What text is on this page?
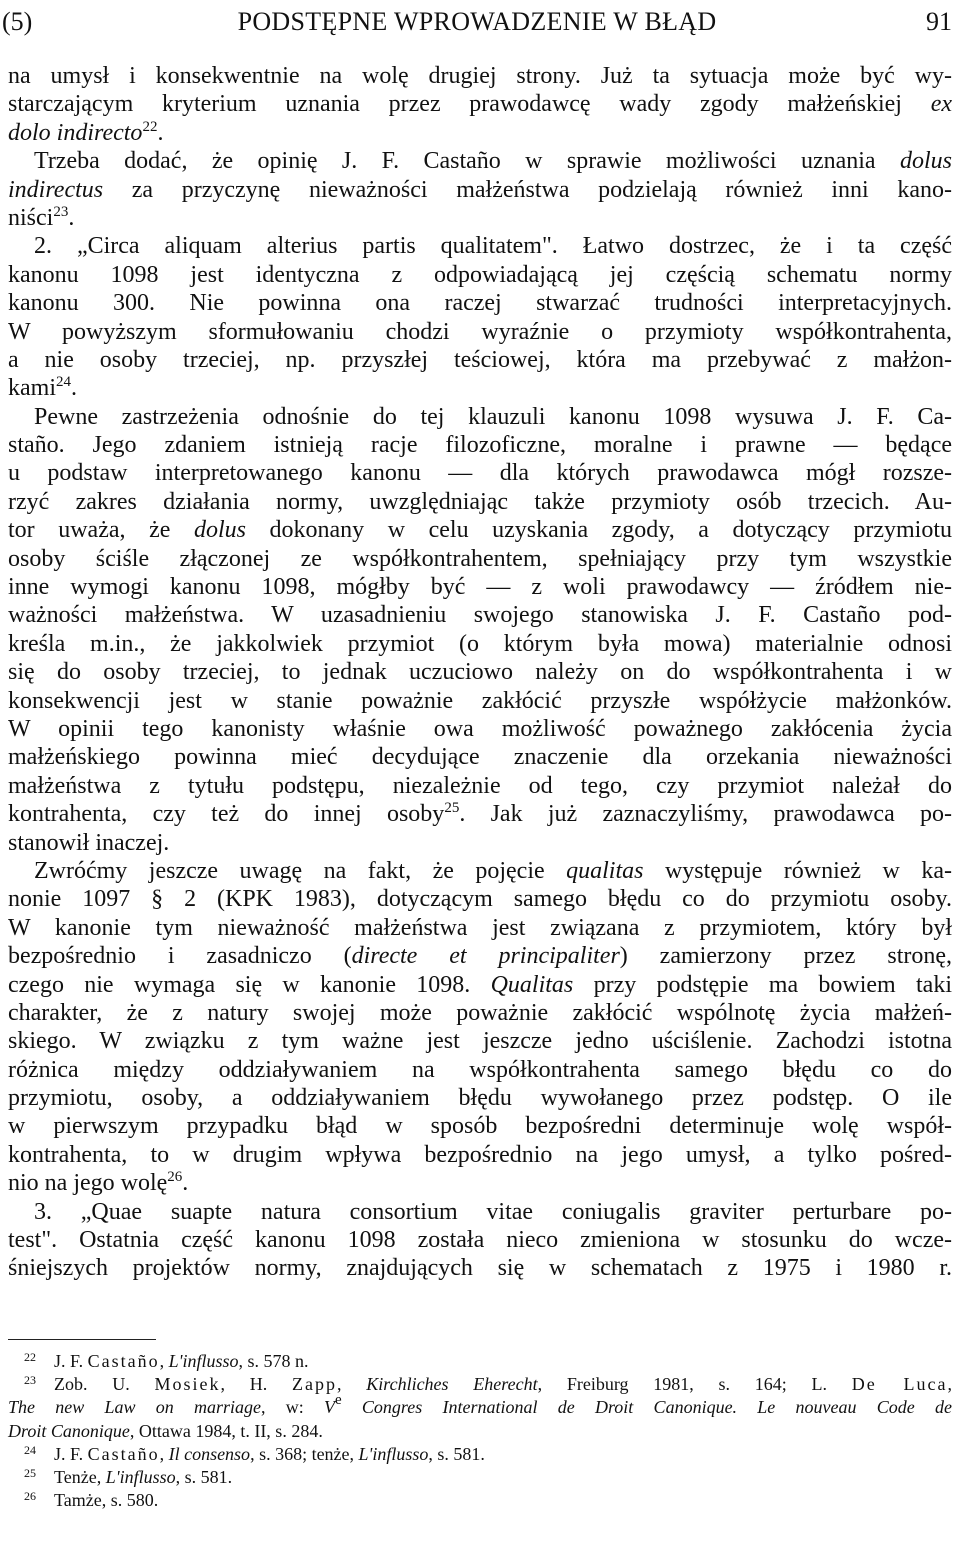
(5)	PODSTĘPNE WPROWADZENIE W BŁĄD	91
na umysł i konsekwentnie na wolę drugiej strony. Już ta sytuacja może być wy-
starczającym kryterium uznania przez prawodawcę wady zgody małżeńskiej ex
dolo indirecto$^{22}$.
Trzeba dodać, że opinię J. F. Castaño w sprawie możliwości uznania dolus
indirectus za przyczynę nieważności małżeństwa podzielają również inni kano-
niści$^{23}$.
2. „Circa aliquam alterius partis qualitatem". Łatwo dostrzec, że i ta część
kanonu 1098 jest identyczna z odpowiadającą jej częścią schematu normy
kanonu 300. Nie powinna ona raczej stwarzać trudności interpretacyjnych.
W powyższym sformułowaniu chodzi wyraźnie o przymioty współkontrahenta,
a nie osoby trzeciej, np. przyszłej teściowej, która ma przebywać z małżon-
kami$^{24}$.
Pewne zastrzeżenia odnośnie do tej klauzuli kanonu 1098 wysuwa J. F. Ca-
staño. Jego zdaniem istnieją racje filozoficzne, moralne i prawne — będące
u podstaw interpretowanego kanonu — dla których prawodawca mógł rozsze-
rzyć zakres działania normy, uwzględniając także przymioty osób trzecich. Au-
tor uważa, że dolus dokonany w celu uzyskania zgody, a dotyczący przymiotu
osoby ściśle złączonej ze współkontrahentem, spełniający przy tym wszystkie
inne wymogi kanonu 1098, mógłby być — z woli prawodawcy — źródłem nie-
ważności małżeństwa. W uzasadnieniu swojego stanowiska J. F. Castaño pod-
kreśla m.in., że jakkolwiek przymiot (o którym była mowa) materialnie odnosi
się do osoby trzeciej, to jednak uczuciowo należy on do współkontrahenta i w
konsekwencji jest w stanie poważnie zakłócić przyszłe współżycie małżonków.
W opinii tego kanonisty właśnie owa możliwość poważnego zakłócenia życia
małżeńskiego powinna mieć decydujące znaczenie dla orzekania nieważności
małżeństwa z tytułu podstępu, niezależnie od tego, czy przymiot należał do
kontrahenta, czy też do innej osoby$^{25}$. Jak już zaznaczyliśmy, prawodawca po-
stanowił inaczej.
Zwróćmy jeszcze uwagę na fakt, że pojęcie qualitas występuje również w ka-
nonie 1097 § 2 (KPK 1983), dotyczącym samego błędu co do przymiotu osoby.
W kanonie tym nieważność małżeństwa jest związana z przymiotem, który był
bezpośrednio i zasadniczo (directe et principaliter) zamierzony przez stronę,
czego nie wymaga się w kanonie 1098. Qualitas przy podstępie ma bowiem taki
charakter, że z natury swojej może poważnie zakłócić wspólnotę życia małżeń-
skiego. W związku z tym ważne jest jeszcze jedno uściślenie. Zachodzi istotna
różnica między oddziaływaniem na współkontrahenta samego błędu co do
przymiotu, osoby, a oddziaływaniem błędu wywołanego przez podstęp. O ile
w pierwszym przypadku błąd w sposób bezpośredni determinuje wolę współ-
kontrahenta, to w drugim wpływa bezpośrednio na jego umysł, a tylko pośred-
nio na jego wolę$^{26}$.
3. „Quae suapte natura consortium vitae coniugalis graviter perturbare po-
test". Ostatnia część kanonu 1098 została nieco zmieniona w stosunku do wcze-
śniejszych projektów normy, znajdujących się w schematach z 1975 i 1980 r.
$^{22}$ J. F. Castaño, L'influsso, s. 578 n.
$^{23}$ Zob. U. Mosiek, H. Zapp, Kirchliches Eherecht, Freiburg 1981, s. 164; L. De Luca,
The new Law on marriage, w: Ve Congres International de Droit Canonique. Le nouveau Code de
Droit Canonique, Ottawa 1984, t. II, s. 284.
$^{24}$ J. F. Castaño, Il consenso, s. 368; tenże, L'influsso, s. 581.
$^{25}$ Tenże, L'influsso, s. 581.
$^{26}$ Tamże, s. 580.
